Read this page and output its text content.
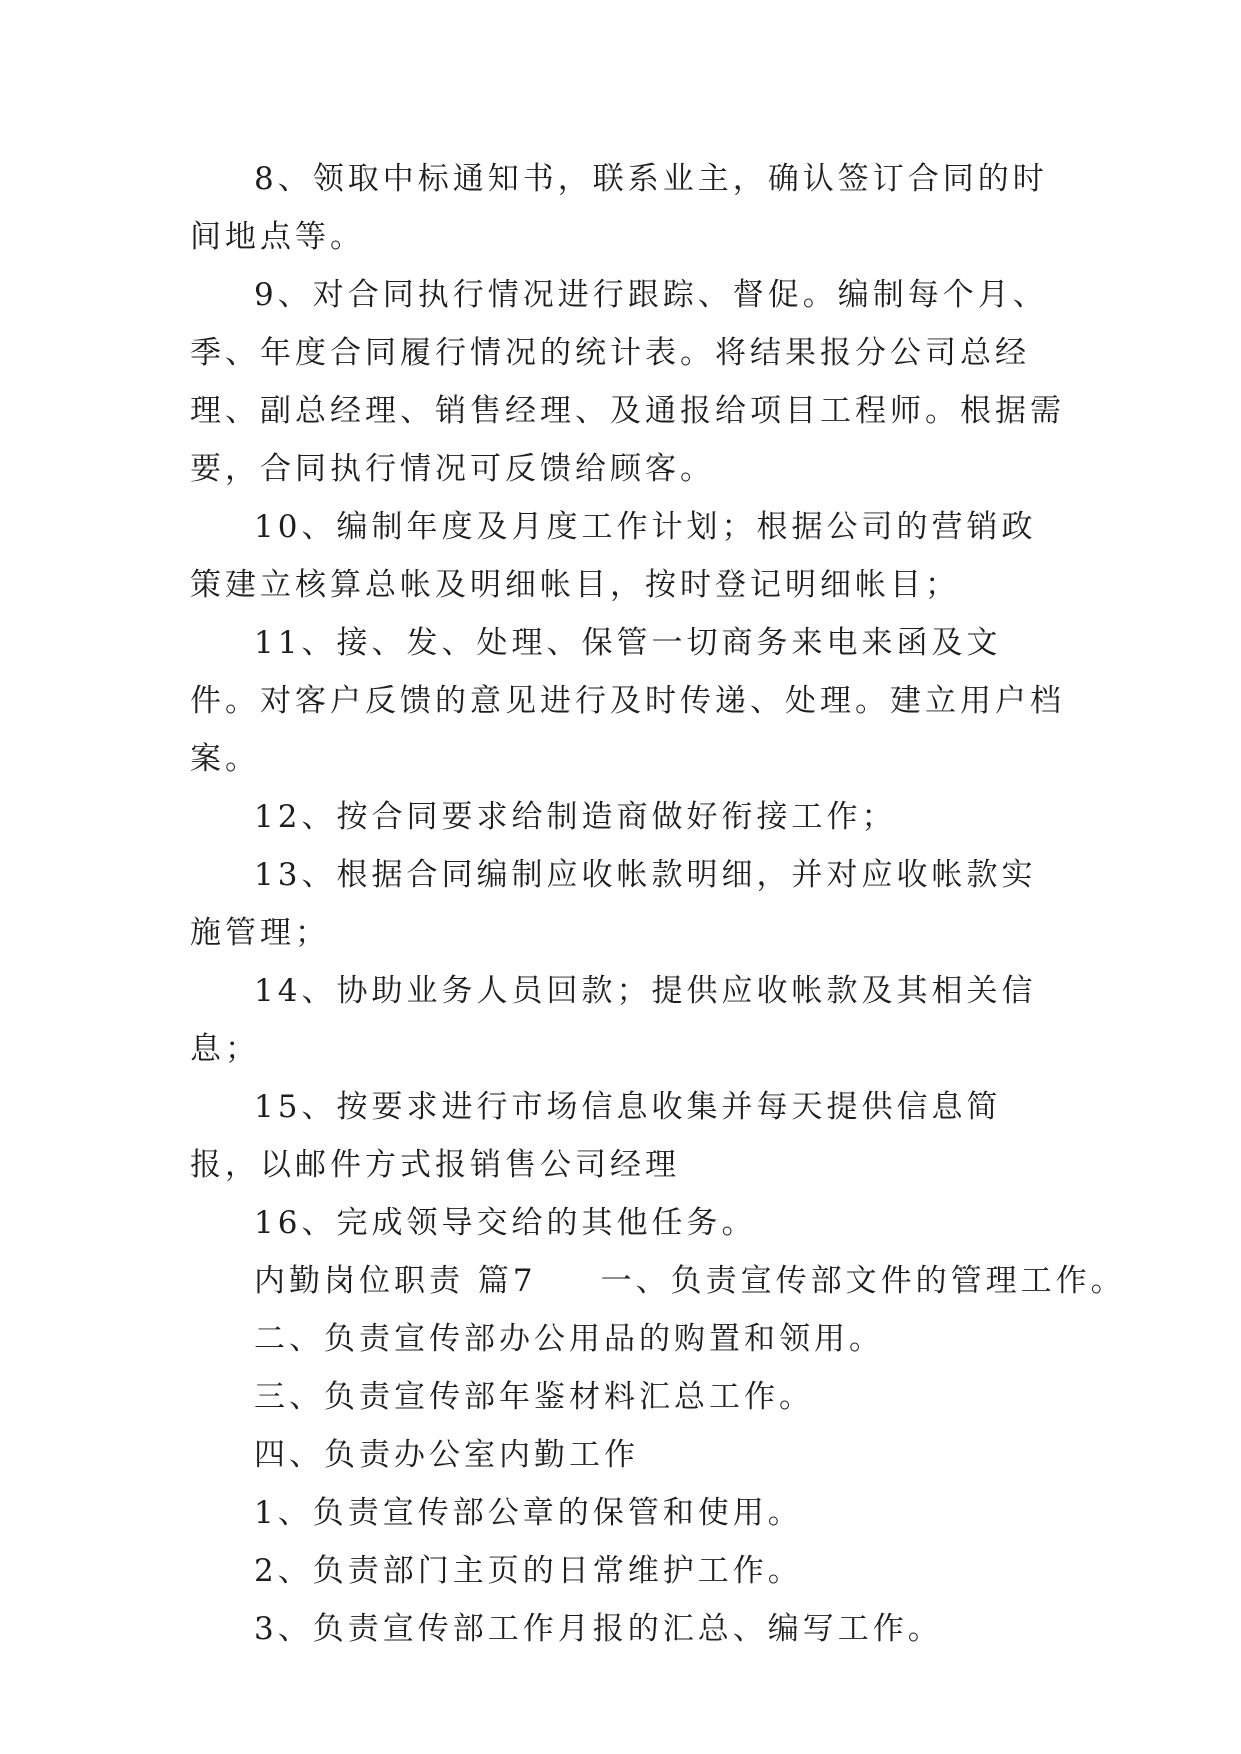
8、领取中标通知书，联系业主，确认签订合同的时间地点等。

9、对合同执行情况进行跟踪、督促。编制每个月、季、年度合同履行情况的统计表。将结果报分公司总经理、副总经理、销售经理、及通报给项目工程师。根据需要，合同执行情况可反馈给顾客。

10、编制年度及月度工作计划；根据公司的营销政策建立核算总帐及明细帐目，按时登记明细帐目；

11、接、发、处理、保管一切商务来电来函及文件。对客户反馈的意见进行及时传递、处理。建立用户档案。

12、按合同要求给制造商做好衔接工作；

13、根据合同编制应收帐款明细，并对应收帐款实施管理；

14、协助业务人员回款；提供应收帐款及其相关信息；

15、按要求进行市场信息收集并每天提供信息简报，以邮件方式报销售公司经理

16、完成领导交给的其他任务。

内勤岗位职责 篇7 一、负责宣传部文件的管理工作。

二、负责宣传部办公用品的购置和领用。

三、负责宣传部年鉴材料汇总工作。

四、负责办公室内勤工作

1、负责宣传部公章的保管和使用。

2、负责部门主页的日常维护工作。

3、负责宣传部工作月报的汇总、编写工作。
